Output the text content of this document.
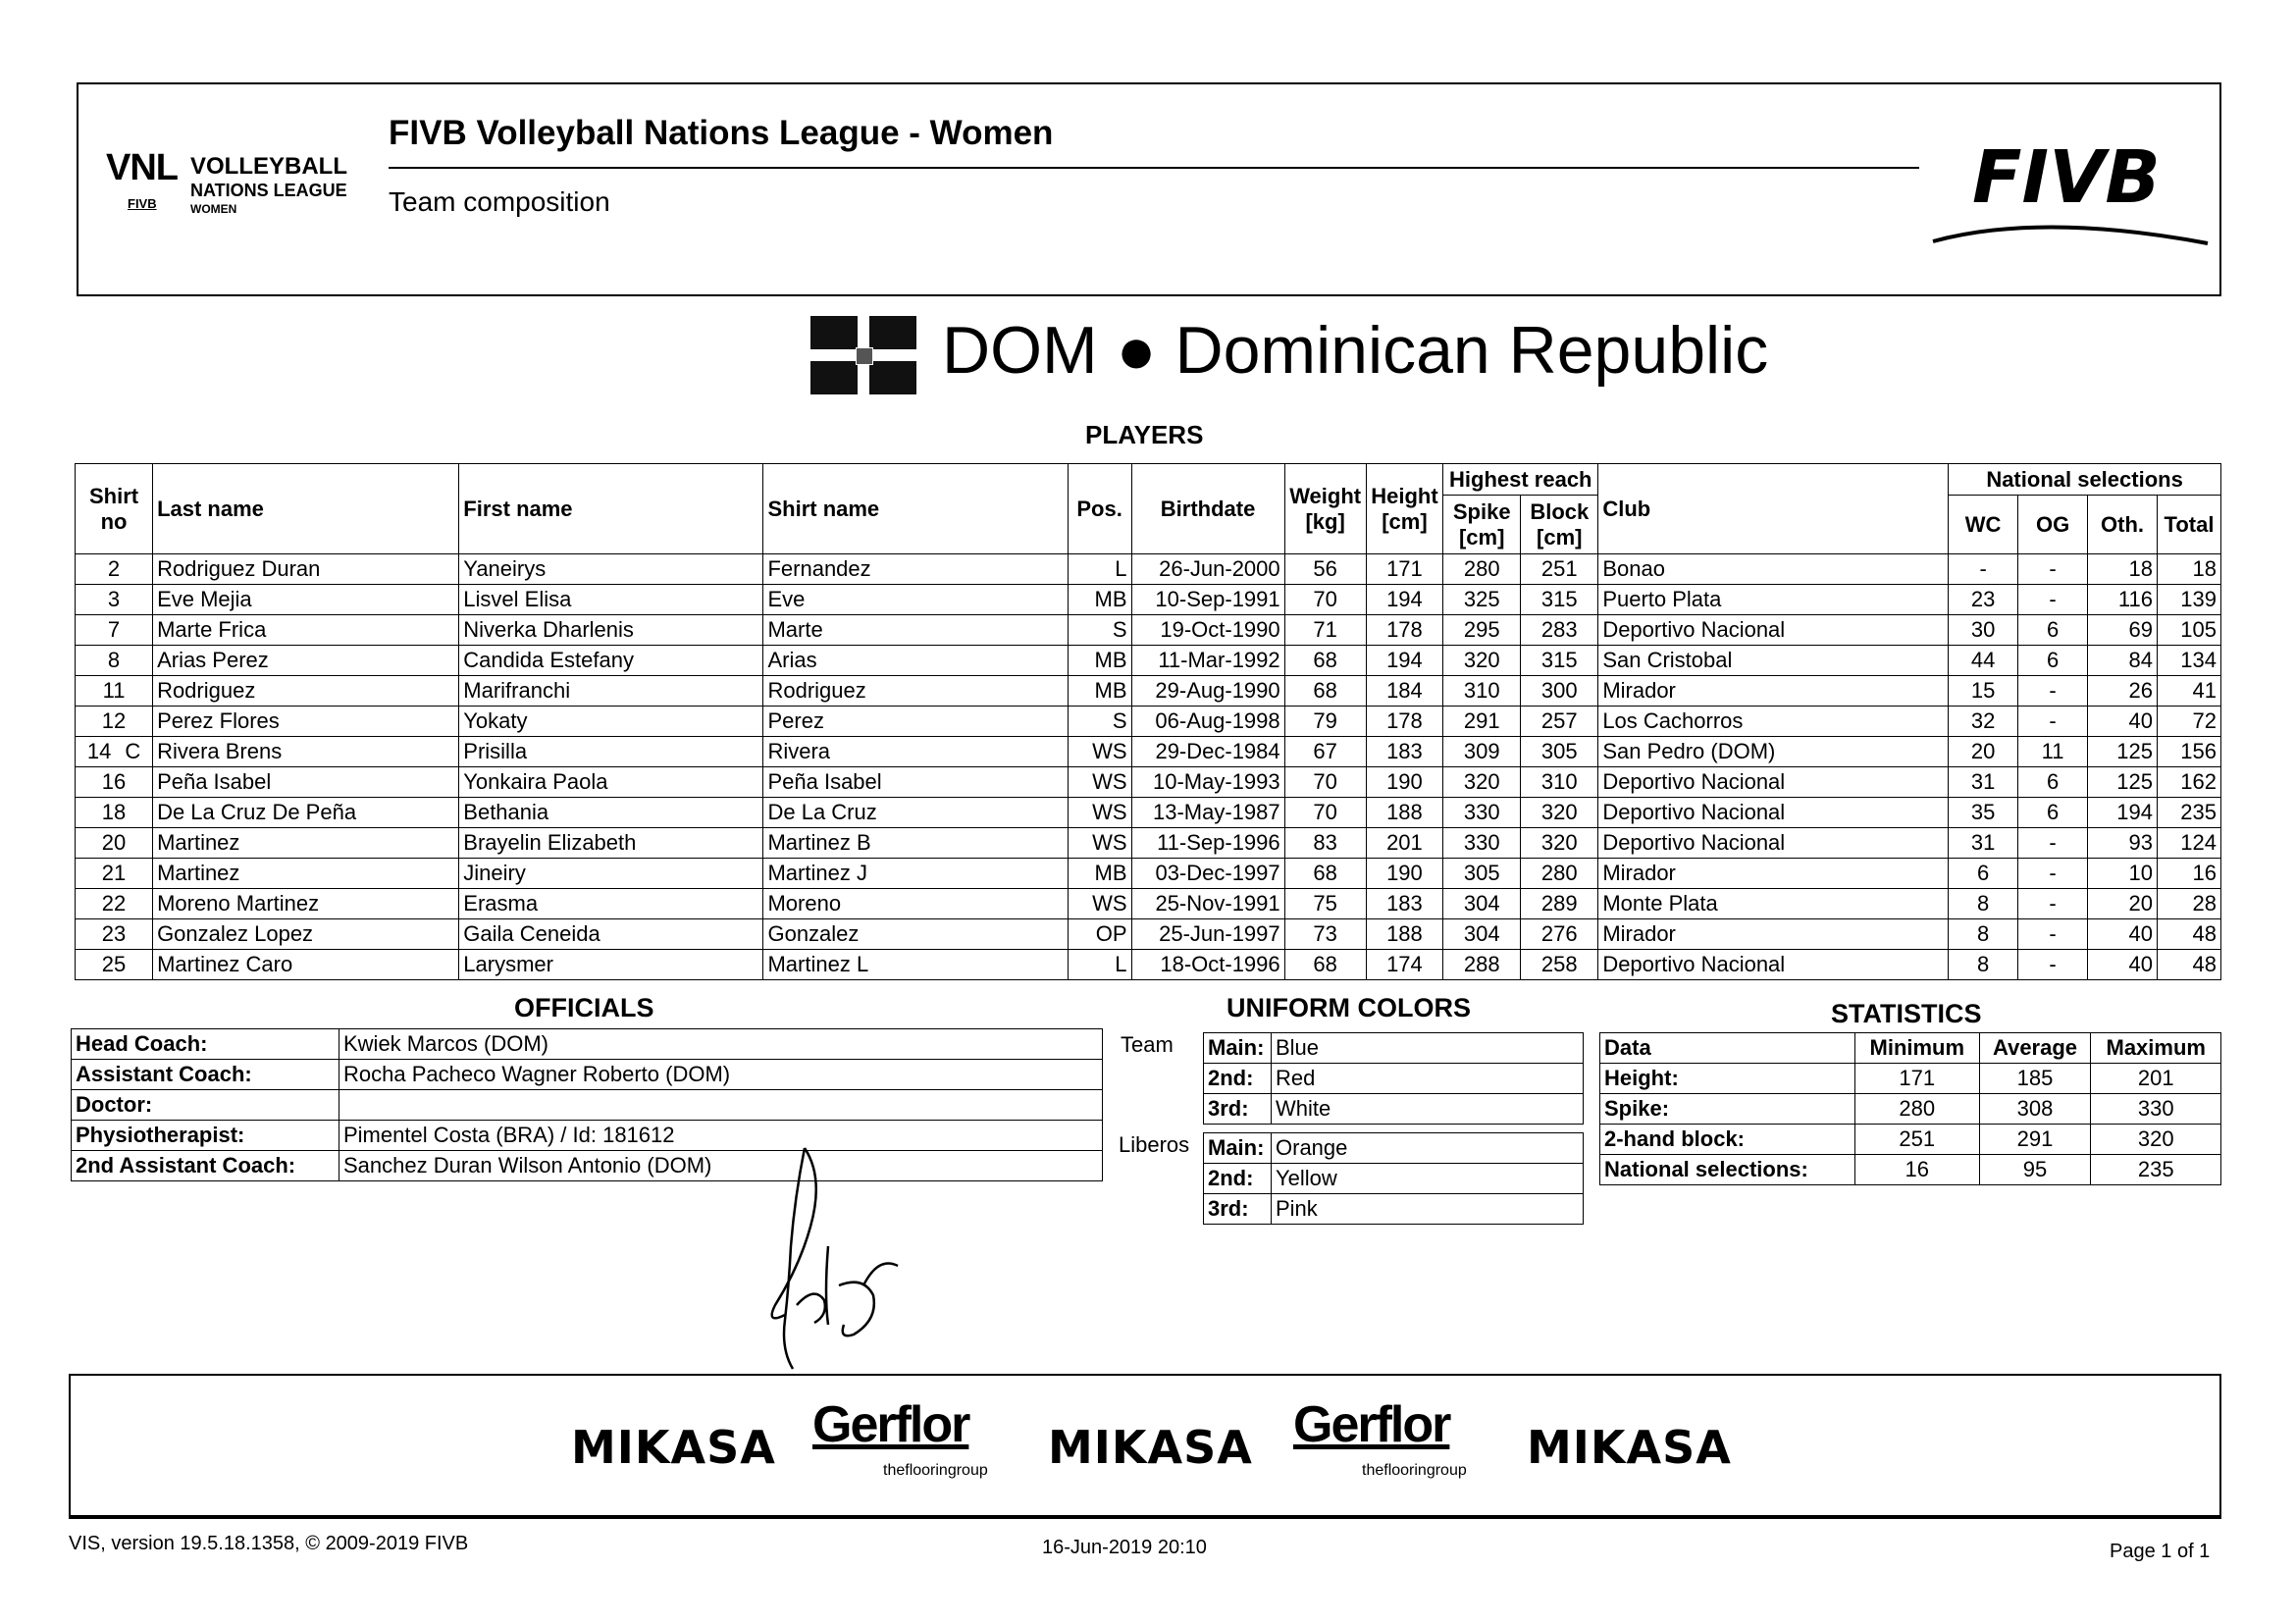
VNL
FIVB
VOLLEYBALL
NATIONS LEAGUE
WOMEN
FIVB Volleyball Nations League - Women
Team composition	FIVB
DOM ● Dominican Republic
PLAYERS
Shirt no	Last name	First name	Shirt name	Pos.	Birthdate	Weight [kg]	Height [cm]	Highest reach		Club	National selections			
								Spike [cm]	Block [cm]		WC	OG	Oth.	Total
2	Rodriguez Duran	Yaneirys	Fernandez	L	26-Jun-2000	56	171	280	251	Bonao	-	-	18	18
3	Eve Mejia	Lisvel Elisa	Eve	MB	10-Sep-1991	70	194	325	315	Puerto Plata	23	-	116	139
7	Marte Frica	Niverka Dharlenis	Marte	S	19-Oct-1990	71	178	295	283	Deportivo Nacional	30	6	69	105
8	Arias Perez	Candida Estefany	Arias	MB	11-Mar-1992	68	194	320	315	San Cristobal	44	6	84	134
11	Rodriguez	Marifranchi	Rodriguez	MB	29-Aug-1990	68	184	310	300	Mirador	15	-	26	41
12	Perez Flores	Yokaty	Perez	S	06-Aug-1998	79	178	291	257	Los Cachorros	32	-	40	72
14 C	Rivera Brens	Prisilla	Rivera	WS	29-Dec-1984	67	183	309	305	San Pedro (DOM)	20	11	125	156
16	Peña Isabel	Yonkaira Paola	Peña Isabel	WS	10-May-1993	70	190	320	310	Deportivo Nacional	31	6	125	162
18	De La Cruz De Peña	Bethania	De La Cruz	WS	13-May-1987	70	188	330	320	Deportivo Nacional	35	6	194	235
20	Martinez	Brayelin Elizabeth	Martinez B	WS	11-Sep-1996	83	201	330	320	Deportivo Nacional	31	-	93	124
21	Martinez	Jineiry	Martinez J	MB	03-Dec-1997	68	190	305	280	Mirador	6	-	10	16
22	Moreno Martinez	Erasma	Moreno	WS	25-Nov-1991	75	183	304	289	Monte Plata	8	-	20	28
23	Gonzalez Lopez	Gaila Ceneida	Gonzalez	OP	25-Jun-1997	73	188	304	276	Mirador	8	-	40	48
25	Martinez Caro	Larysmer	Martinez L	L	18-Oct-1996	68	174	288	258	Deportivo Nacional	8	-	40	48
OFFICIALS
Head Coach:	Kwiek Marcos (DOM)
Assistant Coach:	Rocha Pacheco Wagner Roberto (DOM)
Doctor:	
Physiotherapist:	Pimentel Costa (BRA) / Id: 181612
2nd Assistant Coach:	Sanchez Duran Wilson Antonio (DOM)
UNIFORM COLORS
Team
Liberos
Main:	Blue
2nd:	Red
3rd:	White
Main:	Orange
2nd:	Yellow
3rd:	Pink
STATISTICS
Data	Minimum	Average	Maximum
Height:	171	185	201
Spike:	280	308	330
2-hand block:	251	291	320
National selections:	16	95	235
MIKASA Gerflor
theflooringroup MIKASA Gerflor
theflooringroup MIKASA
VIS, version 19.5.18.1358, © 2009-2019 FIVB	16-Jun-2019 20:10	Page 1 of 1
